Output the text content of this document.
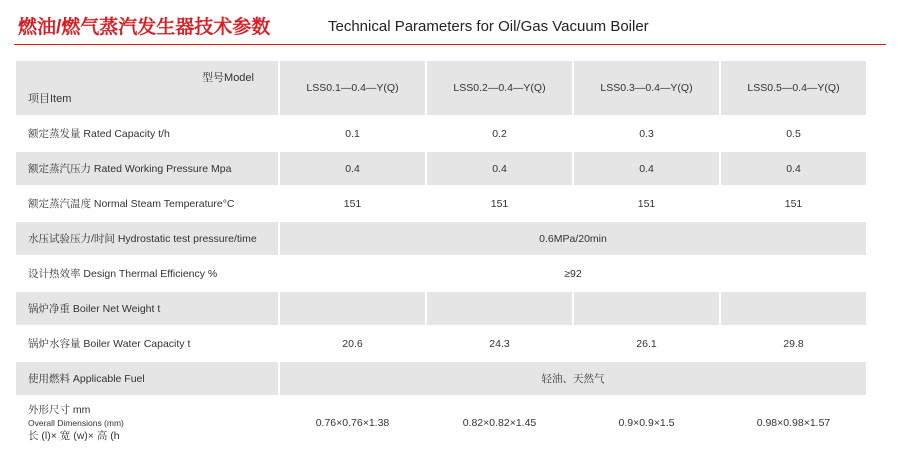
燃油/燃气蒸汽发生器技术参数	Technical Parameters for Oil/Gas Vacuum Boiler
型号Model
项目Item	LSS0.1—0.4—Y(Q)	LSS0.2—0.4—Y(Q)	LSS0.3—0.4—Y(Q)	LSS0.5—0.4—Y(Q)
额定蒸发量 Rated Capacity t/h	0.1	0.2	0.3	0.5
额定蒸汽压力 Rated Working Pressure Mpa	0.4	0.4	0.4	0.4
额定蒸汽温度 Normal Steam Temperature°C	151	151	151	151
水压试验压力/时间 Hydrostatic test pressure/time	0.6MPa/20min			
设计热效率 Design Thermal Efficiency %	≥92			
锅炉净重 Boiler Net Weight t				
锅炉水容量 Boiler Water Capacity t	20.6	24.3	26.1	29.8
使用燃料 Applicable Fuel	轻油、天然气			
外形尺寸 mm
Overall Dimensions (mm)
长 (l)× 宽 (w)× 高 (h	0.76×0.76×1.38	0.82×0.82×1.45	0.9×0.9×1.5	0.98×0.98×1.57
